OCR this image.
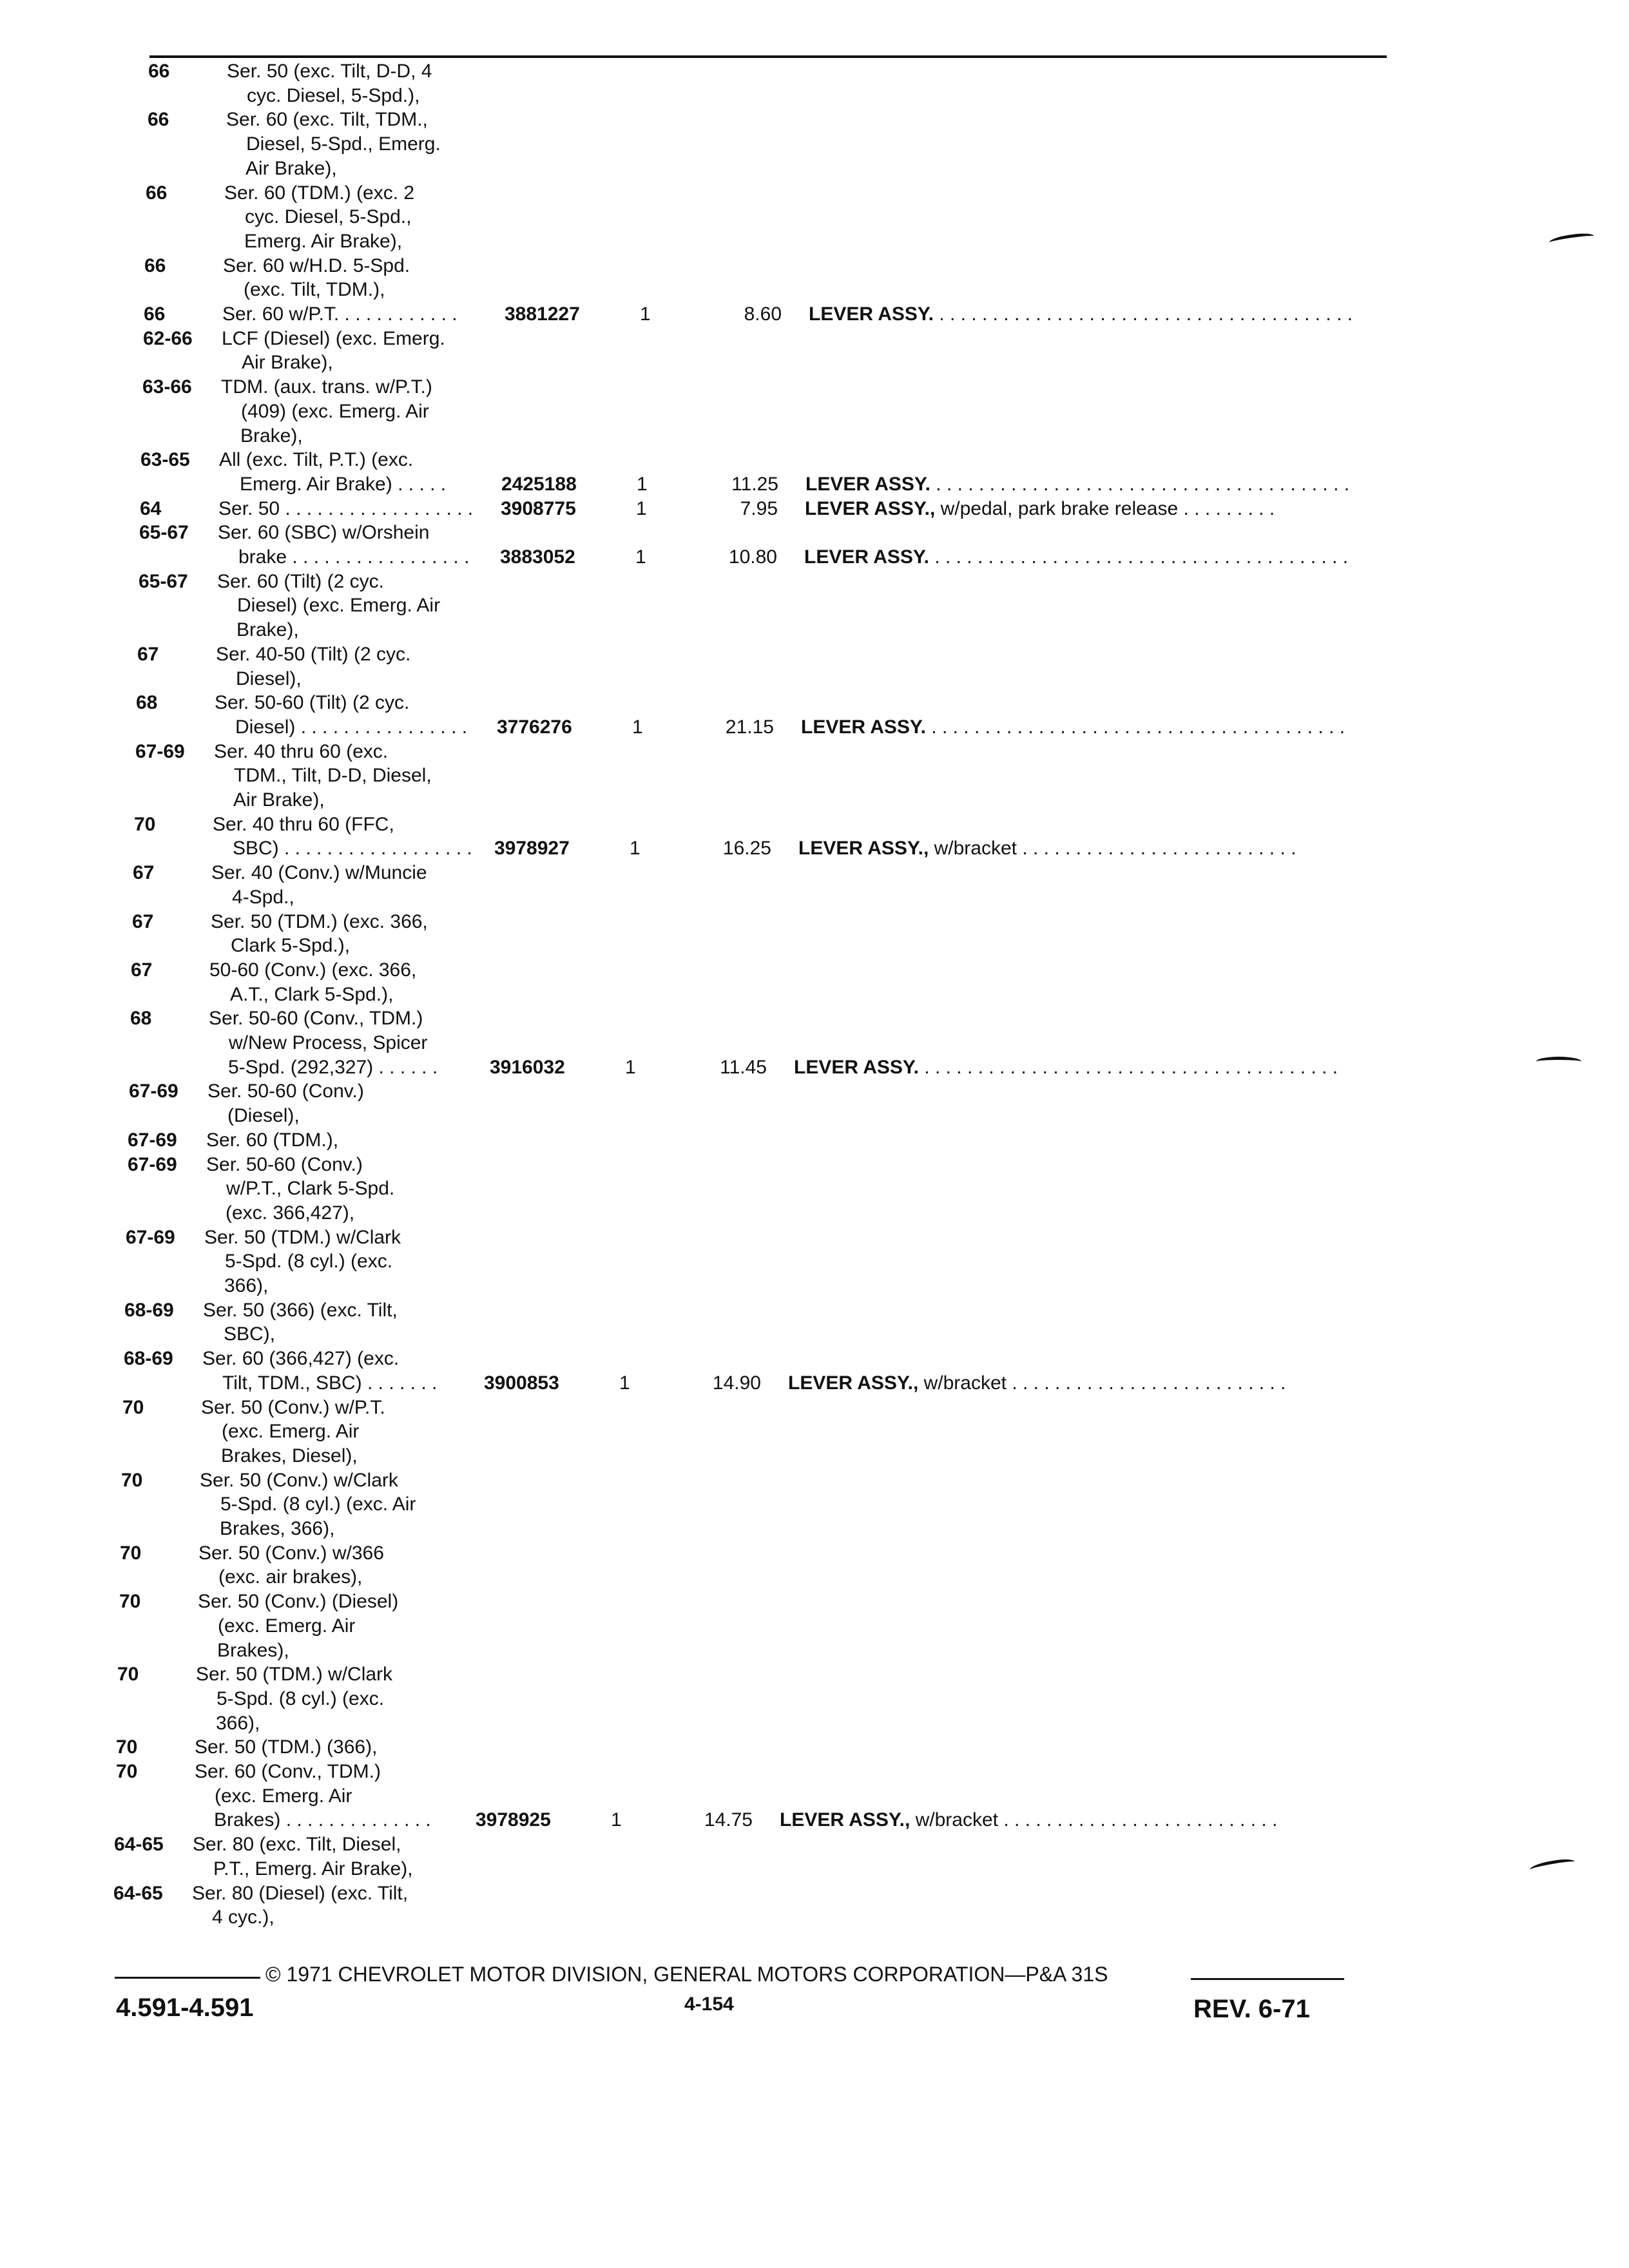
66	Ser. 50 (exc. Tilt, D-D, 4
cyc. Diesel, 5-Spd.),
66	Ser. 60 (exc. Tilt, TDM.,
Diesel, 5-Spd., Emerg.
Air Brake),
66	Ser. 60 (TDM.) (exc. 2
cyc. Diesel, 5-Spd.,
Emerg. Air Brake),
66	Ser. 60 w/H.D. 5-Spd.
(exc. Tilt, TDM.),
66	Ser. 60 w/P.T. . . . . . . . . . . . 3881227	1	8.60 LEVER ASSY. . . . . . . . . . . . . . . . . . . . . . . . . . . . . . . . . . . . . . . .
62-66 LCF (Diesel) (exc. Emerg.
Air Brake),
63-66 TDM. (aux. trans. w/P.T.)
(409) (exc. Emerg. Air
Brake),
63-65 All (exc. Tilt, P.T.) (exc.
Emerg. Air Brake) . . . . .	2425188	1	11.25 LEVER ASSY. . . . . . . . . . . . . . . . . . . . . . . . . . . . . . . . . . . . . . . .
64	Ser. 50 . . . . . . . . . . . . . . . . . . 3908775	1	7.95 LEVER ASSY., w/pedal, park brake release . . . . . . . . .
65-67 Ser. 60 (SBC) w/Orshein
brake . . . . . . . . . . . . . . . . . 3883052	1	10.80 LEVER ASSY. . . . . . . . . . . . . . . . . . . . . . . . . . . . . . . . . . . . . . . .
65-67 Ser. 60 (Tilt) (2 cyc.
Diesel) (exc. Emerg. Air
Brake),
67	Ser. 40-50 (Tilt) (2 cyc.
Diesel),
68	Ser. 50-60 (Tilt) (2 cyc.
Diesel) . . . . . . . . . . . . . . . . 3776276	1	21.15 LEVER ASSY. . . . . . . . . . . . . . . . . . . . . . . . . . . . . . . . . . . . . . . .
67-69 Ser. 40 thru 60 (exc.
TDM., Tilt, D-D, Diesel,
Air Brake),
70	Ser. 40 thru 60 (FFC,
SBC) . . . . . . . . . . . . . . . . . . 3978927	1	16.25 LEVER ASSY., w/bracket . . . . . . . . . . . . . . . . . . . . . . . . . .
67	Ser. 40 (Conv.) w/Muncie
4-Spd.,
67	Ser. 50 (TDM.) (exc. 366,
Clark 5-Spd.),
67	50-60 (Conv.) (exc. 366,
A.T., Clark 5-Spd.),
68	Ser. 50-60 (Conv., TDM.)
w/New Process, Spicer
5-Spd. (292,327) . . . . . .	3916032	1	11.45 LEVER ASSY. . . . . . . . . . . . . . . . . . . . . . . . . . . . . . . . . . . . . . . .
67-69 Ser. 50-60 (Conv.)
(Diesel),
67-69 Ser. 60 (TDM.),
67-69 Ser. 50-60 (Conv.)
w/P.T., Clark 5-Spd.
(exc. 366,427),
67-69 Ser. 50 (TDM.) w/Clark
5-Spd. (8 cyl.) (exc.
366),
68-69 Ser. 50 (366) (exc. Tilt,
SBC),
68-69 Ser. 60 (366,427) (exc.
Tilt, TDM., SBC) . . . . . . . 3900853	1	14.90 LEVER ASSY., w/bracket . . . . . . . . . . . . . . . . . . . . . . . . . .
70	Ser. 50 (Conv.) w/P.T.
(exc. Emerg. Air
Brakes, Diesel),
70	Ser. 50 (Conv.) w/Clark
5-Spd. (8 cyl.) (exc. Air
Brakes, 366),
70	Ser. 50 (Conv.) w/366
(exc. air brakes),
70	Ser. 50 (Conv.) (Diesel)
(exc. Emerg. Air
Brakes),
70	Ser. 50 (TDM.) w/Clark
5-Spd. (8 cyl.) (exc.
366),
70	Ser. 50 (TDM.) (366),
70	Ser. 60 (Conv., TDM.)
(exc. Emerg. Air
Brakes) . . . . . . . . . . . . . . 3978925	1	14.75 LEVER ASSY., w/bracket . . . . . . . . . . . . . . . . . . . . . . . . . .
64-65 Ser. 80 (exc. Tilt, Diesel,
P.T., Emerg. Air Brake),
64-65 Ser. 80 (Diesel) (exc. Tilt,
4 cyc.),
© 1971 CHEVROLET MOTOR DIVISION, GENERAL MOTORS CORPORATION—P&A 31S
4.591-4.591	4-154	REV. 6-71
